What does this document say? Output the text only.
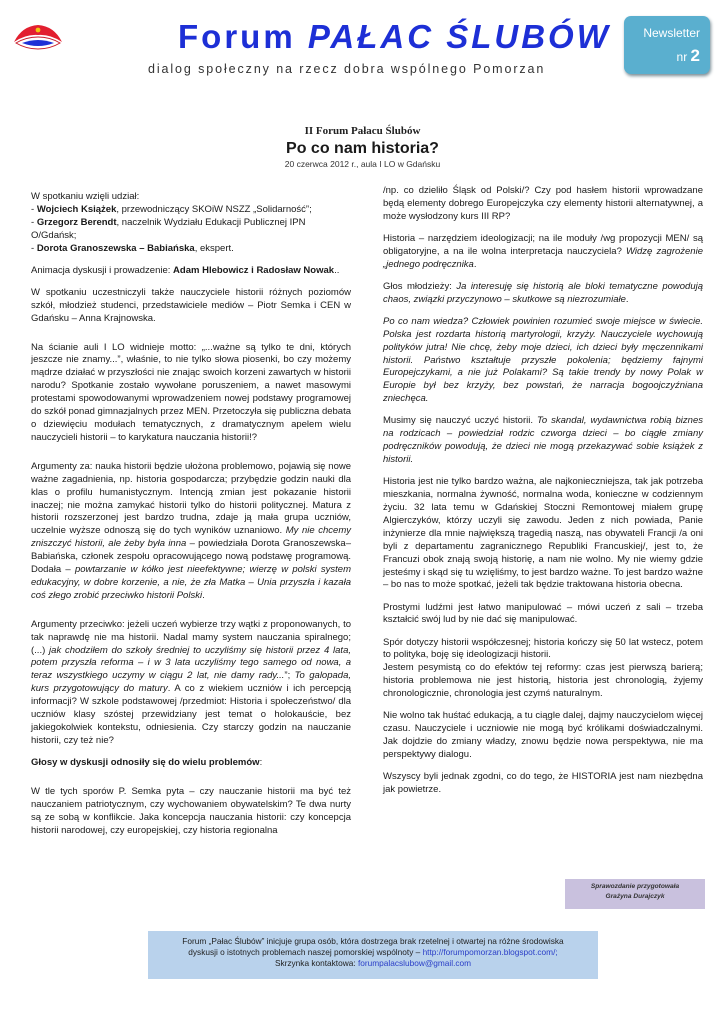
Forum PAŁAC ŚLUBÓW
dialog społeczny na rzecz dobra wspólnego Pomorzan
Newsletter
nr 2
II Forum Pałacu Ślubów
Po co nam historia?
20 czerwca 2012 r., aula I LO w Gdańsku

W spotkaniu wzięli udział:
- Wojciech Książek, przewodniczący SKOiW NSZZ „Solidarność”;
- Grzegorz Berendt, naczelnik Wydziału Edukacji Publicznej IPN O/Gdańsk;
- Dorota Granoszewska – Babiańska, ekspert.

Animacja dyskusji i prowadzenie: Adam Hlebowicz i Radosław Nowak..

W spotkaniu uczestniczyli także nauczyciele historii różnych poziomów szkół, młodzież studenci, przedstawiciele mediów – Piotr Semka i CEN w Gdańsku – Anna Krajnowska.

Na ścianie auli I LO widnieje motto: „...ważne są tylko te dni, których jeszcze nie znamy...”, właśnie, to nie tylko słowa piosenki, bo czy możemy mądrze działać w przyszłości nie znając swoich korzeni zawartych w historii narodu? Spotkanie zostało wywołane poruszeniem, a nawet masowymi protestami spowodowanymi wprowadzeniem nowej podstawy programowej do szkół ponad gimnazjalnych przez MEN. Przetoczyła się publiczna debata o dziewięciu modułach tematycznych, z dramatycznym apelem wielu nauczycieli historii – to karykatura nauczania historii!?

Argumenty za: nauka historii będzie ułożona problemowo, pojawią się nowe ważne zagadnienia, np. historia gospodarcza; przybędzie godzin nauki dla klas o profilu humanistycznym. Intencją zmian jest pokazanie historii inaczej; nie można zamykać historii tylko do historii politycznej. Matura z historii rozszerzonej jest bardzo trudna, zdaje ją mała grupa uczniów, uczelnie wyższe odnoszą się do tych wyników uznaniowo. My nie chcemy zniszczyć historii, ale żeby była inna – powiedziała Dorota Granoszewska–Babiańska, członek zespołu opracowującego nową podstawę programową. Dodała – powtarzanie w kółko jest nieefektywne; wierzę w polski system edukacyjny, w dobre korzenie, a nie, że zła Matka – Unia przyszła i kazała coś złego zrobić przeciwko historii Polski.

Argumenty przeciwko: jeżeli uczeń wybierze trzy wątki z proponowanych, to tak naprawdę nie ma historii. Nadal mamy system nauczania spiralnego; (...) jak chodziłem do szkoły średniej to uczyliśmy się historii przez 4 lata, potem przyszła reforma – i w 3 lata uczyliśmy tego samego od nowa, a teraz wszystkiego uczymy w ciągu 2 lat, nie damy rady...”; To galopada, kurs przygotowujący do matury. A co z wiekiem uczniów i ich percepcją informacji? W szkole podstawowej /przedmiot: Historia i społeczeństwo/ dla uczniów klasy szóstej przewidziany jest temat o holokauście, bez jakiegokolwiek kontekstu, odniesienia. Czy starczy godzin na nauczanie historii, czy też nie?

Głosy w dyskusji odnosiły się do wielu problemów:

W tle tych sporów P. Semka pyta – czy nauczanie historii ma być też nauczaniem patriotycznym, czy wychowaniem obywatelskim? Te dwa nurty są ze sobą w konflikcie. Jaka koncepcja nauczania historii: czy koncepcja historii narodowej, czy europejskiej, czy historia regionalna

/np. co dzieliło Śląsk od Polski/? Czy pod hasłem historii wprowadzane będą elementy dobrego Europejczyka czy elementy historii alternatywnej, a może wysłodzony kurs III RP?

Historia – narzędziem ideologizacji; na ile moduły /wg propozycji MEN/ są obligatoryjne, a na ile wolna interpretacja nauczyciela? Widzę zagrożenie „jednego podręcznika.

Głos młodzieży: Ja interesuję się historią ale bloki tematyczne powodują chaos, związki przyczynowo – skutkowe są niezrozumiałe.

Po co nam wiedza? Człowiek powinien rozumieć swoje miejsce w świecie. Polska jest rozdarta historią martyrologii, krzyży. Nauczyciele wychowują polityków jutra! Nie chcę, żeby moje dzieci, ich dzieci były męczennikami historii. Państwo kształtuje przyszłe pokolenia; będziemy fajnymi Europejczykami, a nie już Polakami? Są takie trendy by nowy Polak w Europie był bez krzyży, bez powstań, że narracja bogoojczyźniana zniechęca.

Musimy się nauczyć uczyć historii. To skandal, wydawnictwa robią biznes na rodzicach – powiedział rodzic czworga dzieci – bo ciągłe zmiany podręczników powodują, że dzieci nie mogą przekazywać sobie książek z historii.

Historia jest nie tylko bardzo ważna, ale najkonieczniejsza, tak jak potrzeba mieszkania, normalna żywność, normalna woda, konieczne w codziennym życiu. 32 lata temu w Gdańskiej Stoczni Remontowej miałem grupę Algierczyków, którzy uczyli się zawodu. Jeden z nich powiada, Panie inżynierze dla mnie największą tragedią naszą, nas obywateli Francji /a oni byli z departamentu zagranicznego Republiki Francuskiej/, jest to, że Francuzi obok znają swoją historię, a nam nie wolno. My nie wiemy gdzie jesteśmy i skąd się tu wzięliśmy, to jest bardzo ważne. To jest bardzo ważne – bo nas to może spotkać, jeżeli tak będzie traktowana historia obecna.

Prostymi ludźmi jest łatwo manipulować – mówi uczeń z sali – trzeba kształcić swój lud by nie dać się manipulować.

Spór dotyczy historii współczesnej; historia kończy się 50 lat wstecz, potem to polityka, boję się ideologizacji historii.
Jestem pesymistą co do efektów tej reformy: czas jest pierwszą barierą; historia problemowa nie jest historią, historia jest chronologią, żyjemy chronologicznie, chronologia jest czymś naturalnym.

Nie wolno tak huśtać edukacją, a tu ciągle dalej, dajmy nauczycielom więcej czasu. Nauczyciele i uczniowie nie mogą być królikami doświadczalnymi. Jak dojdzie do zmiany władzy, znowu będzie nowa perspektywa, nie ma perspektywy dialogu.

Wszyscy byli jednak zgodni, co do tego, że HISTORIA jest nam niezbędna jak powietrze.

Sprawozdanie przygotowała
Grażyna Durajczyk
Forum „Pałac Ślubów” inicjuje grupa osób, która dostrzega brak rzetelnej i otwartej na różne środowiska
dyskusji o istotnych problemach naszej pomorskiej wspólnoty – http://forumpomorzan.blogspot.com/;
Skrzynka kontaktowa: forumpalacslubow@gmail.com
